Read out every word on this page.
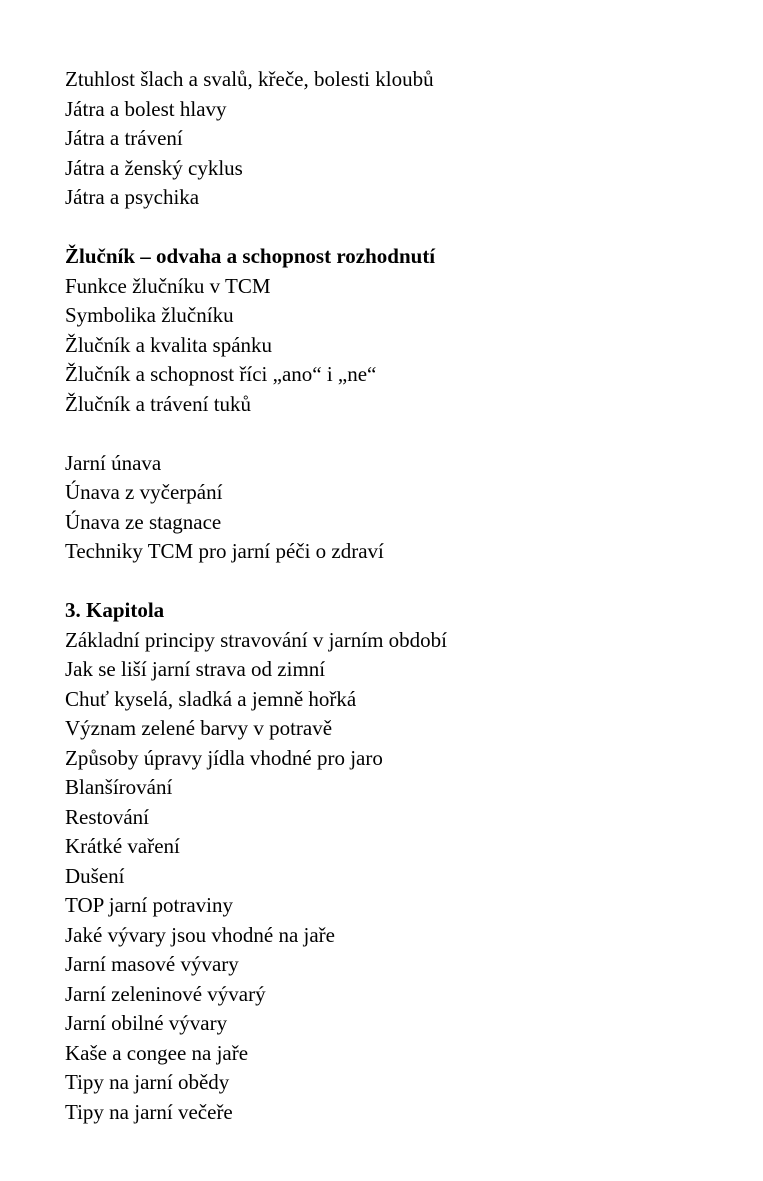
Ztuhlost šlach a svalů, křeče, bolesti kloubů

Játra a bolest hlavy

Játra a trávení

Játra a ženský cyklus

Játra a psychika

Žlučník – odvaha a schopnost rozhodnutí

Funkce žlučníku v TCM

Symbolika žlučníku

Žlučník a kvalita spánku

Žlučník a schopnost říci „ano“ i „ne“

Žlučník a trávení tuků

Jarní únava

Únava z vyčerpání

Únava ze stagnace

Techniky TCM pro jarní péči o zdraví

3. Kapitola

Základní principy stravování v jarním období

Jak se liší jarní strava od zimní

Chuť kyselá, sladká a jemně hořká

Význam zelené barvy v potravě

Způsoby úpravy jídla vhodné pro jaro

Blanšírování

Restování

Krátké vaření

Dušení

TOP jarní potraviny

Jaké vývary jsou vhodné na jaře

Jarní masové vývary

Jarní zeleninové vývarý

Jarní obilné vývary

Kaše a congee na jaře

Tipy na jarní obědy

Tipy na jarní večeře
